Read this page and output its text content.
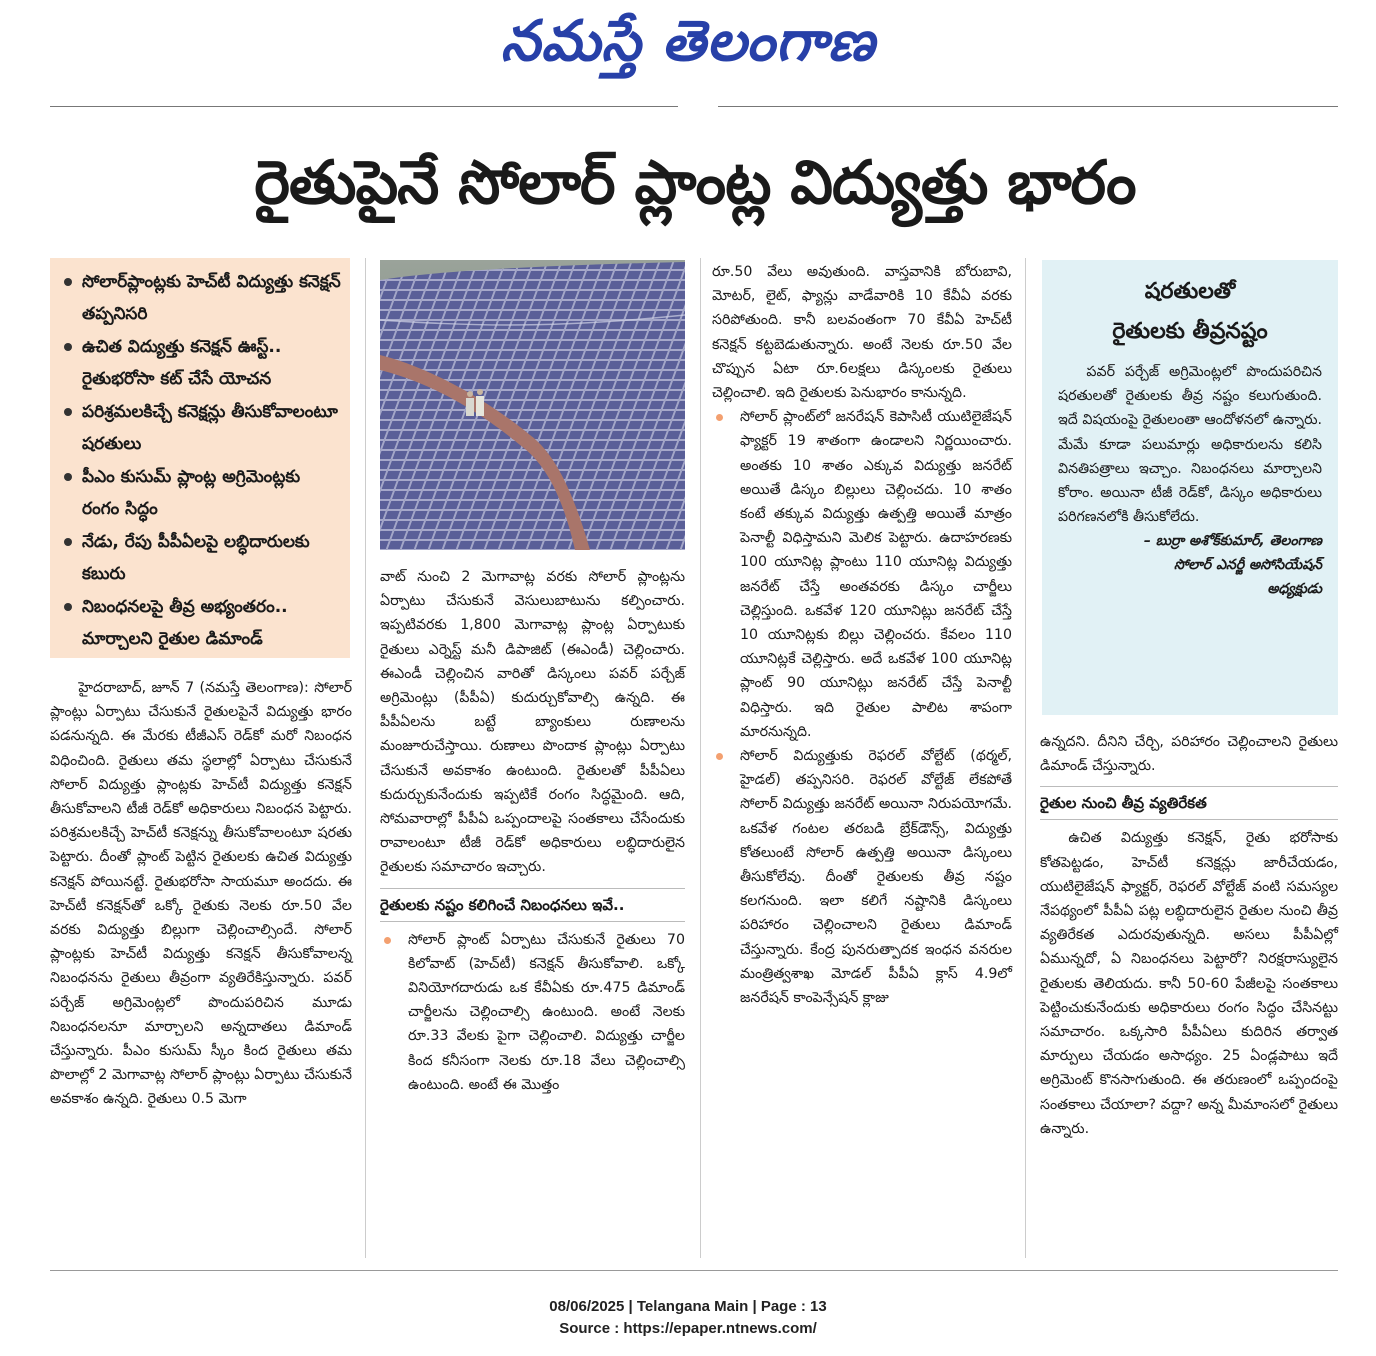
నమస్తే తెలంగాణ
రైతుపైనే సోలార్ ప్లాంట్ల విద్యుత్తు భారం
సోలార్‌ప్లాంట్లకు హెచ్‌టీ విద్యుత్తు కనెక్షన్ తప్పనిసరి
ఉచిత విద్యుత్తు కనెక్షన్ ఊస్ట్.. రైతుభరోసా కట్ చేసే యోచన
పరిశ్రమలకిచ్చే కనెక్షన్లు తీసుకోవాలంటూ షరతులు
పీఎం కుసుమ్ ప్లాంట్ల అగ్రిమెంట్లకు రంగం సిద్ధం
నేడు, రేపు పీపీఏలపై లబ్ధిదారులకు కబురు
నిబంధనలపై తీవ్ర అభ్యంతరం.. మార్చాలని రైతుల డిమాండ్

హైదరాబాద్, జూన్ 7 (నమస్తే తెలంగాణ): సోలార్ ప్లాంట్లు ఏర్పాటు చేసుకునే రైతులపైనే విద్యుత్తు భారం పడనున్నది. ఈ మేరకు టీజీఎస్ రెడ్‌కో మరో నిబంధన విధించింది. రైతులు తమ స్థలాల్లో ఏర్పాటు చేసుకునే సోలార్ విద్యుత్తు ప్లాంట్లకు హెచ్‌టీ విద్యుత్తు కనెక్షన్ తీసుకోవాలని టీజీ రెడ్‌కో అధికారులు నిబంధన పెట్టారు. పరిశ్రమలకిచ్చే హెచ్‌టీ కనెక్షన్ను తీసుకోవాలంటూ షరతు పెట్టారు. దీంతో ప్లాంట్ పెట్టిన రైతులకు ఉచిత విద్యుత్తు కనెక్షన్ పోయినట్టే. రైతుభరోసా సాయమూ అందదు. ఈ హెచ్‌టీ కనెక్షన్‌తో ఒక్కో రైతుకు నెలకు రూ.50 వేల వరకు విద్యుత్తు బిల్లుగా చెల్లించాల్సిందే. సోలార్ ప్లాంట్లకు హెచ్‌టీ విద్యుత్తు కనెక్షన్ తీసుకోవాలన్న నిబంధనను రైతులు తీవ్రంగా వ్యతిరేకిస్తున్నారు. పవర్ పర్చేజ్ అగ్రిమెంట్లలో పొందుపరిచిన మూడు నిబంధనలనూ మార్చాలని అన్నదాతలు డిమాండ్ చేస్తున్నారు. పీఎం కుసుమ్ స్కీం కింద రైతులు తమ పొలాల్లో 2 మెగావాట్ల సోలార్ ప్లాంట్లు ఏర్పాటు చేసుకునే అవకాశం ఉన్నది. రైతులు 0.5 మెగా

వాట్ నుంచి 2 మెగావాట్ల వరకు సోలార్ ప్లాంట్లను ఏర్పాటు చేసుకునే వెసులుబాటును కల్పించారు. ఇప్పటివరకు 1,800 మెగావాట్ల ప్లాంట్ల ఏర్పాటుకు రైతులు ఎర్నెస్ట్ మనీ డిపాజిట్ (ఈఎండీ) చెల్లించారు. ఈఎండీ చెల్లించిన వారితో డిస్కంలు పవర్ పర్చేజ్ అగ్రిమెంట్లు (పీపీఏ) కుదుర్చుకోవాల్సి ఉన్నది. ఈ పీపీఏలను బట్టే బ్యాంకులు రుణాలను మంజూరుచేస్తాయి. రుణాలు పొందాక ప్లాంట్లు ఏర్పాటు చేసుకునే అవకాశం ఉంటుంది. రైతులతో పీపీఏలు కుదుర్చుకునేందుకు ఇప్పటికే రంగం సిద్ధమైంది. ఆది, సోమవారాల్లో పీపీఏ ఒప్పందాలపై సంతకాలు చేసేందుకు రావాలంటూ టీజీ రెడ్‌కో అధికారులు లబ్ధిదారులైన రైతులకు సమాచారం ఇచ్చారు.

రైతులకు నష్టం కలిగించే నిబంధనలు ఇవే..

సోలార్ ప్లాంట్ ఏర్పాటు చేసుకునే రైతులు 70 కిలోవాట్ (హెచ్‌టీ) కనెక్షన్ తీసుకోవాలి. ఒక్కో వినియోగదారుడు ఒక కేవీఏకు రూ.475 డిమాండ్ చార్జీలను చెల్లించాల్సి ఉంటుంది. అంటే నెలకు రూ.33 వేలకు పైగా చెల్లించాలి. విద్యుత్తు చార్జీల కింద కనీసంగా నెలకు రూ.18 వేలు చెల్లించాల్సి ఉంటుంది. అంటే ఈ మొత్తం

రూ.50 వేలు అవుతుంది. వాస్తవానికి బోరుబావి, మోటర్, లైట్, ఫ్యాన్లు వాడేవారికి 10 కేవీఏ వరకు సరిపోతుంది. కానీ బలవంతంగా 70 కేవీఏ హెచ్‌టీ కనెక్షన్ కట్టబెడుతున్నారు. అంటే నెలకు రూ.50 వేల చొప్పున ఏటా రూ.6లక్షలు డిస్కంలకు రైతులు చెల్లించాలి. ఇది రైతులకు పెనుభారం కానున్నది.

సోలార్ ప్లాంట్‌లో జనరేషన్ కెపాసిటీ యుటిలైజేషన్ ఫ్యాక్టర్ 19 శాతంగా ఉండాలని నిర్ణయించారు. అంతకు 10 శాతం ఎక్కువ విద్యుత్తు జనరేట్ అయితే డిస్కం బిల్లులు చెల్లించదు. 10 శాతం కంటే తక్కువ విద్యుత్తు ఉత్పత్తి అయితే మాత్రం పెనాల్టీ విధిస్తామని మెలిక పెట్టారు. ఉదాహరణకు 100 యూనిట్ల ప్లాంటు 110 యూనిట్ల విద్యుత్తు జనరేట్ చేస్తే అంతవరకు డిస్కం చార్జీలు చెల్లిస్తుంది. ఒకవేళ 120 యూనిట్లు జనరేట్ చేస్తే 10 యూనిట్లకు బిల్లు చెల్లించరు. కేవలం 110 యూనిట్లకే చెల్లిస్తారు. అదే ఒకవేళ 100 యూనిట్ల ప్లాంట్ 90 యూనిట్లు జనరేట్ చేస్తే పెనాల్టీ విధిస్తారు. ఇది రైతుల పాలిట శాపంగా మారనున్నది.

సోలార్ విద్యుత్తుకు రెఫరల్ వోల్టేట్ (థర్మల్, హైడల్) తప్పనిసరి. రెఫరల్ వోల్టేజ్ లేకపోతే సోలార్ విద్యుత్తు జనరేట్ అయినా నిరుపయోగమే. ఒకవేళ గంటల తరబడి బ్రేక్‌డౌన్స్, విద్యుత్తు కోతలుంటే సోలార్ ఉత్పత్తి అయినా డిస్కంలు తీసుకోలేవు. దీంతో రైతులకు తీవ్ర నష్టం కలగనుంది. ఇలా కలిగే నష్టానికి డిస్కంలు పరిహారం చెల్లించాలని రైతులు డిమాండ్ చేస్తున్నారు. కేంద్ర పునరుత్పాదక ఇంధన వనరుల మంత్రిత్వశాఖ మోడల్ పీపీఏ క్లాస్ 4.9లో జనరేషన్ కాంపెన్సేషన్ క్లాజు

షరతులతో
రైతులకు తీవ్రనష్టం
పవర్ పర్చేజ్ అగ్రిమెంట్లలో పొందుపరిచిన షరతులతో రైతులకు తీవ్ర నష్టం కలుగుతుంది. ఇదే విషయంపై రైతులంతా ఆందోళనలో ఉన్నారు. మేమే కూడా పలుమార్లు అధికారులను కలిసి వినతిపత్రాలు ఇచ్చాం. నిబంధనలు మార్చాలని కోరాం. అయినా టీజీ రెడ్‌కో, డిస్కం అధికారులు పరిగణనలోకి తీసుకోలేదు.
– బుర్రా అశోక్‌కుమార్, తెలంగాణ
సోలార్ ఎనర్జీ అసోసియేషన్
అధ్యక్షుడు

ఉన్నదని. దీనిని చేర్చి, పరిహారం చెల్లించాలని రైతులు డిమాండ్ చేస్తున్నారు.

రైతుల నుంచి తీవ్ర వ్యతిరేకత

ఉచిత విద్యుత్తు కనెక్షన్, రైతు భరోసాకు కోతపెట్టడం, హెచ్‌టీ కనెక్షన్లు జారీచేయడం, యుటిలైజేషన్ ఫ్యాక్టర్, రెఫరల్ వోల్టేజ్ వంటి సమస్యల నేపథ్యంలో పీపీఏ పట్ల లబ్ధిదారులైన రైతుల నుంచి తీవ్ర వ్యతిరేకత ఎదురవుతున్నది. అసలు పీపీఏల్లో ఏమున్నదో, ఏ నిబంధనలు పెట్టారో? నిరక్షరాస్యులైన రైతులకు తెలియదు. కానీ 50-60 పేజీలపై సంతకాలు పెట్టించుకునేందుకు అధికారులు రంగం సిద్ధం చేసినట్టు సమాచారం. ఒక్కసారి పీపీఏలు కుదిరిన తర్వాత మార్పులు చేయడం అసాధ్యం. 25 ఏండ్లపాటు ఇదే అగ్రిమెంట్ కొనసాగుతుంది. ఈ తరుణంలో ఒప్పందంపై సంతకాలు చేయాలా? వద్దా? అన్న మీమాంసలో రైతులు ఉన్నారు.

08/06/2025 | Telangana Main | Page : 13
Source : https://epaper.ntnews.com/
